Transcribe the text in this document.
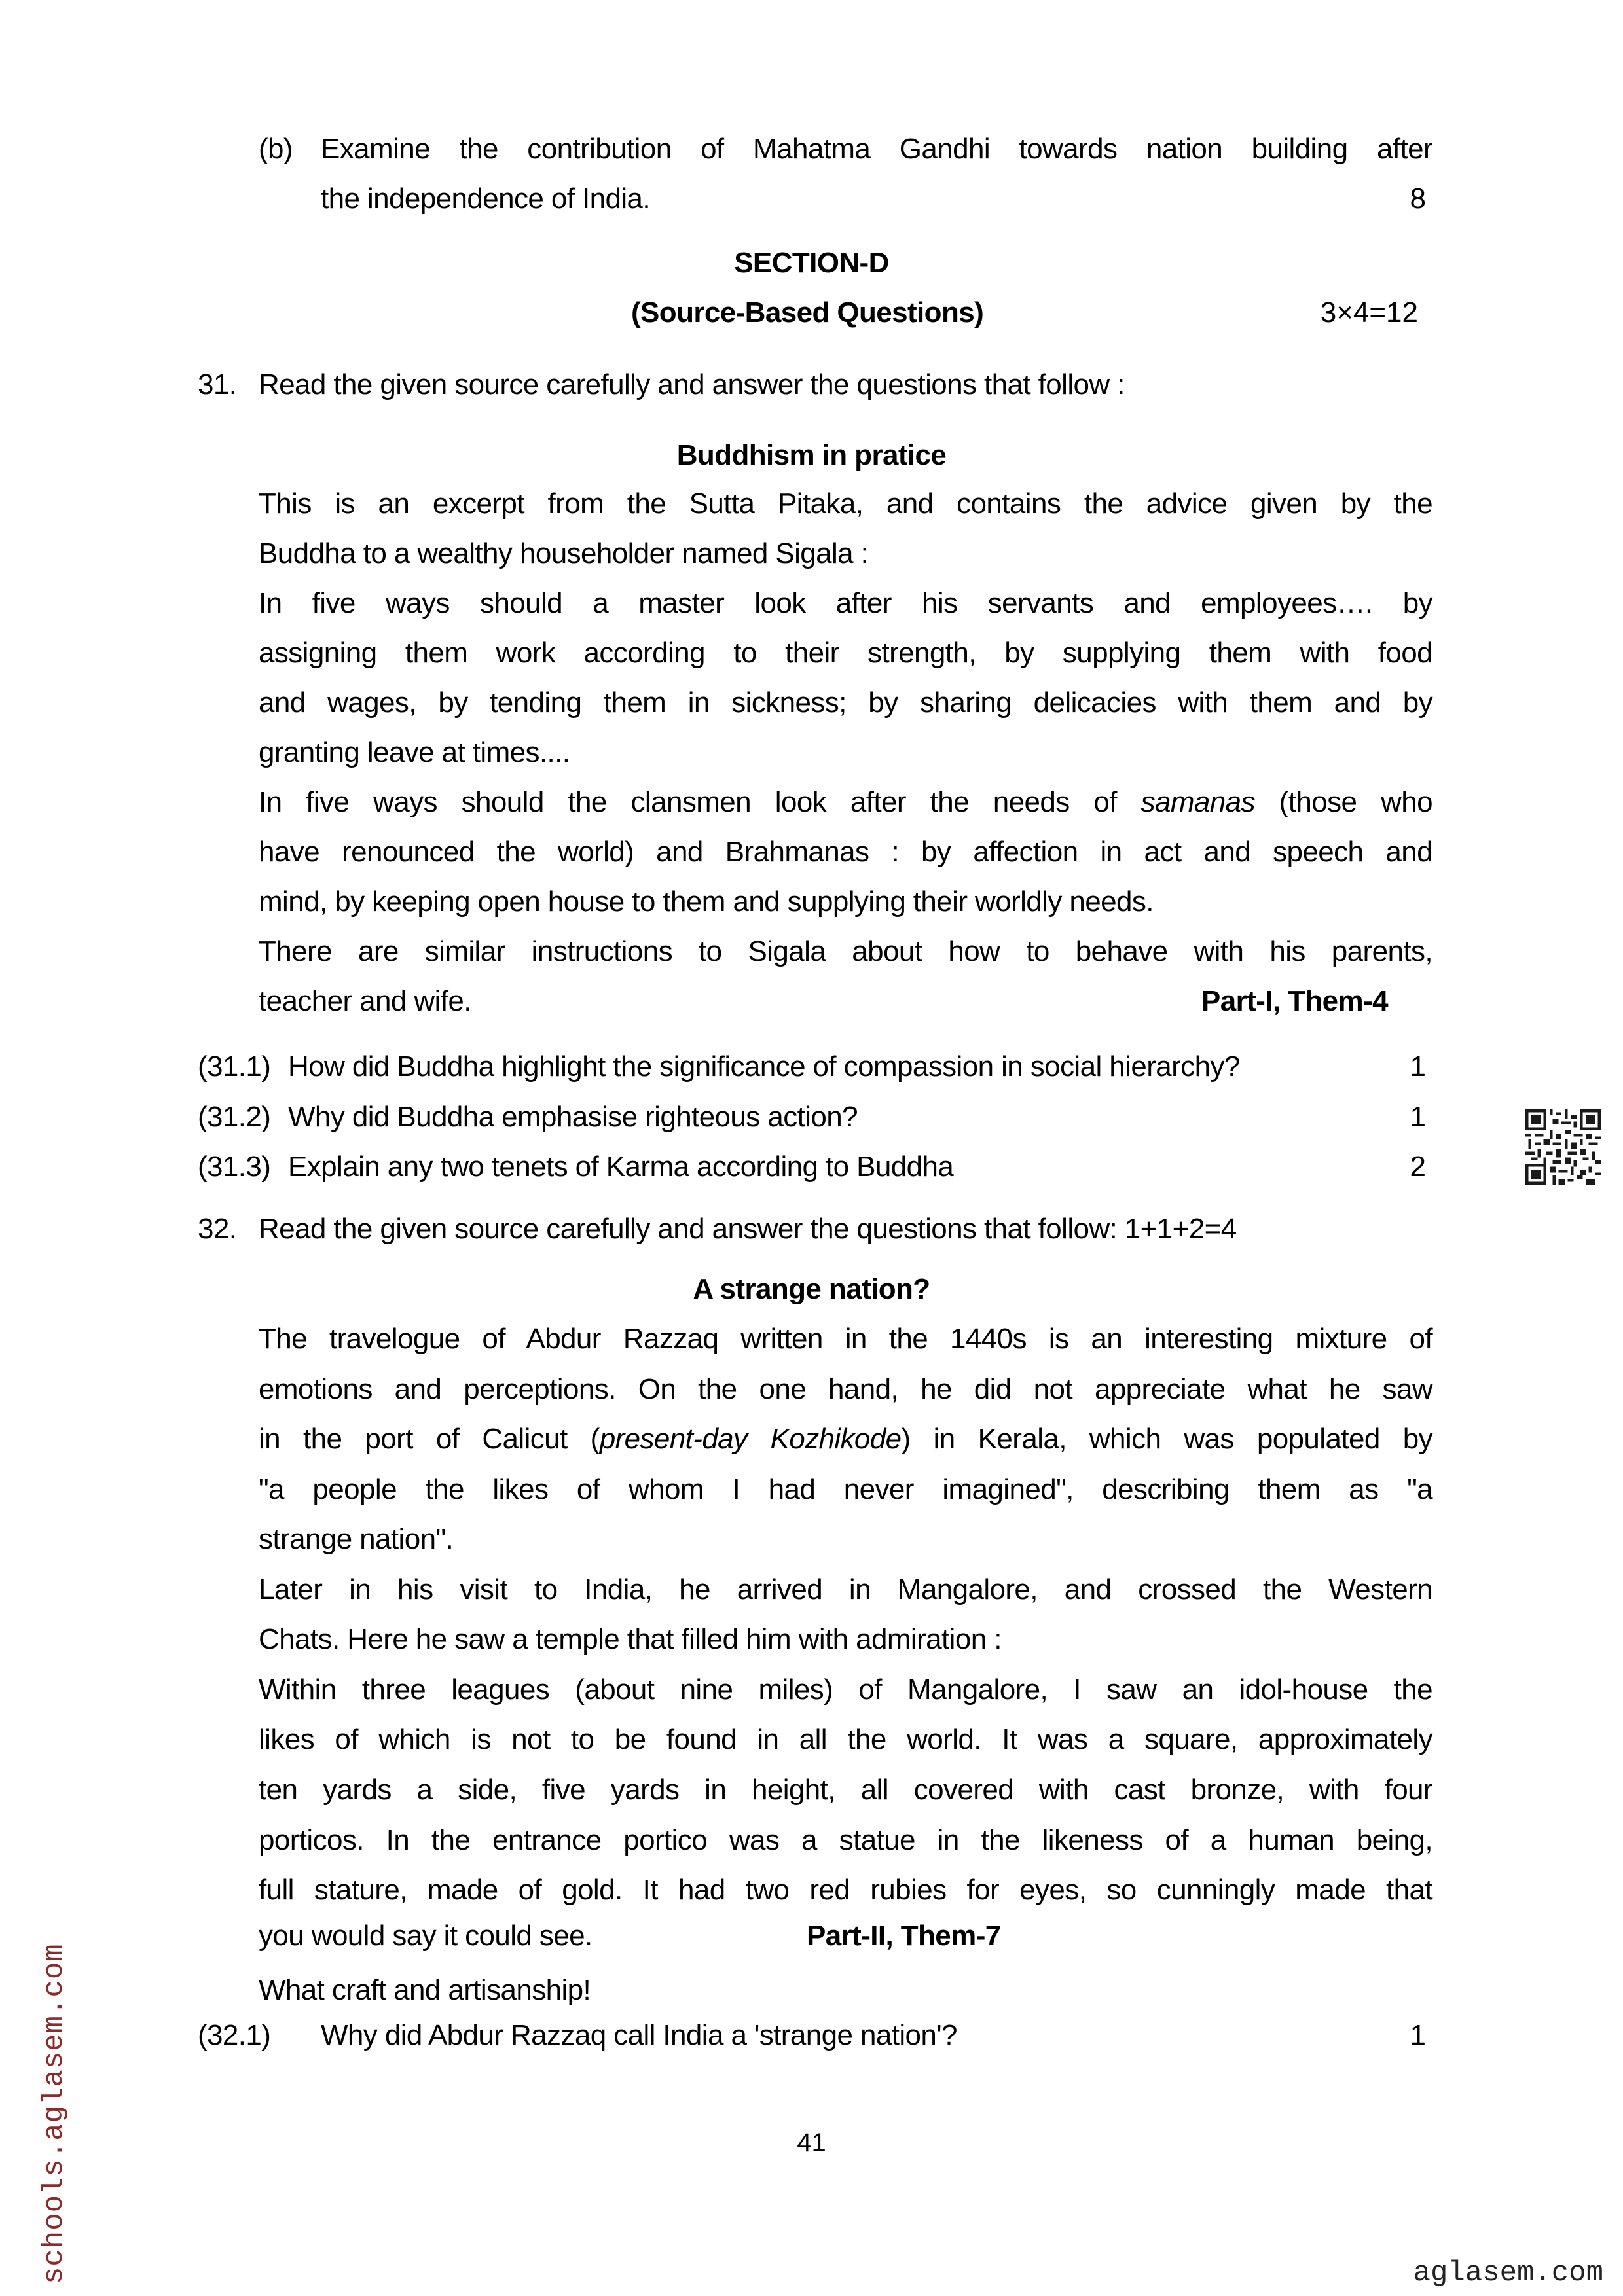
(b) Examine the contribution of Mahatma Gandhi towards nation building after
the independence of India.	8
SECTION-D
(Source-Based Questions)	3×4=12
31. Read the given source carefully and answer the questions that follow :
Buddhism in pratice
This is an excerpt from the Sutta Pitaka, and contains the advice given by the
Buddha to a wealthy householder named Sigala :
In five ways should a master look after his servants and employees…. by
assigning them work according to their strength, by supplying them with food
and wages, by tending them in sickness; by sharing delicacies with them and by
granting leave at times....
In five ways should the clansmen look after the needs of samanas (those who
have renounced the world) and Brahmanas : by affection in act and speech and
mind, by keeping open house to them and supplying their worldly needs.
There are similar instructions to Sigala about how to behave with his parents,
teacher and wife.	Part-I, Them-4
(31.1) How did Buddha highlight the significance of compassion in social hierarchy?	1
(31.2) Why did Buddha emphasise righteous action?	1
(31.3) Explain any two tenets of Karma according to Buddha	2
32. Read the given source carefully and answer the questions that follow: 1+1+2=4
A strange nation?
The travelogue of Abdur Razzaq written in the 1440s is an interesting mixture of
emotions and perceptions. On the one hand, he did not appreciate what he saw
in the port of Calicut (present-day Kozhikode) in Kerala, which was populated by
"a people the likes of whom I had never imagined", describing them as "a
strange nation".
Later in his visit to India, he arrived in Mangalore, and crossed the Western
Chats. Here he saw a temple that filled him with admiration :
Within three leagues (about nine miles) of Mangalore, I saw an idol-house the
likes of which is not to be found in all the world. It was a square, approximately
ten yards a side, five yards in height, all covered with cast bronze, with four
porticos. In the entrance portico was a statue in the likeness of a human being,
full stature, made of gold. It had two red rubies for eyes, so cunningly made that
you would say it could see.	Part-II, Them-7
What craft and artisanship!
(32.1) Why did Abdur Razzaq call India a 'strange nation'?	1
41
schools.aglasem.com	aglasem.com
